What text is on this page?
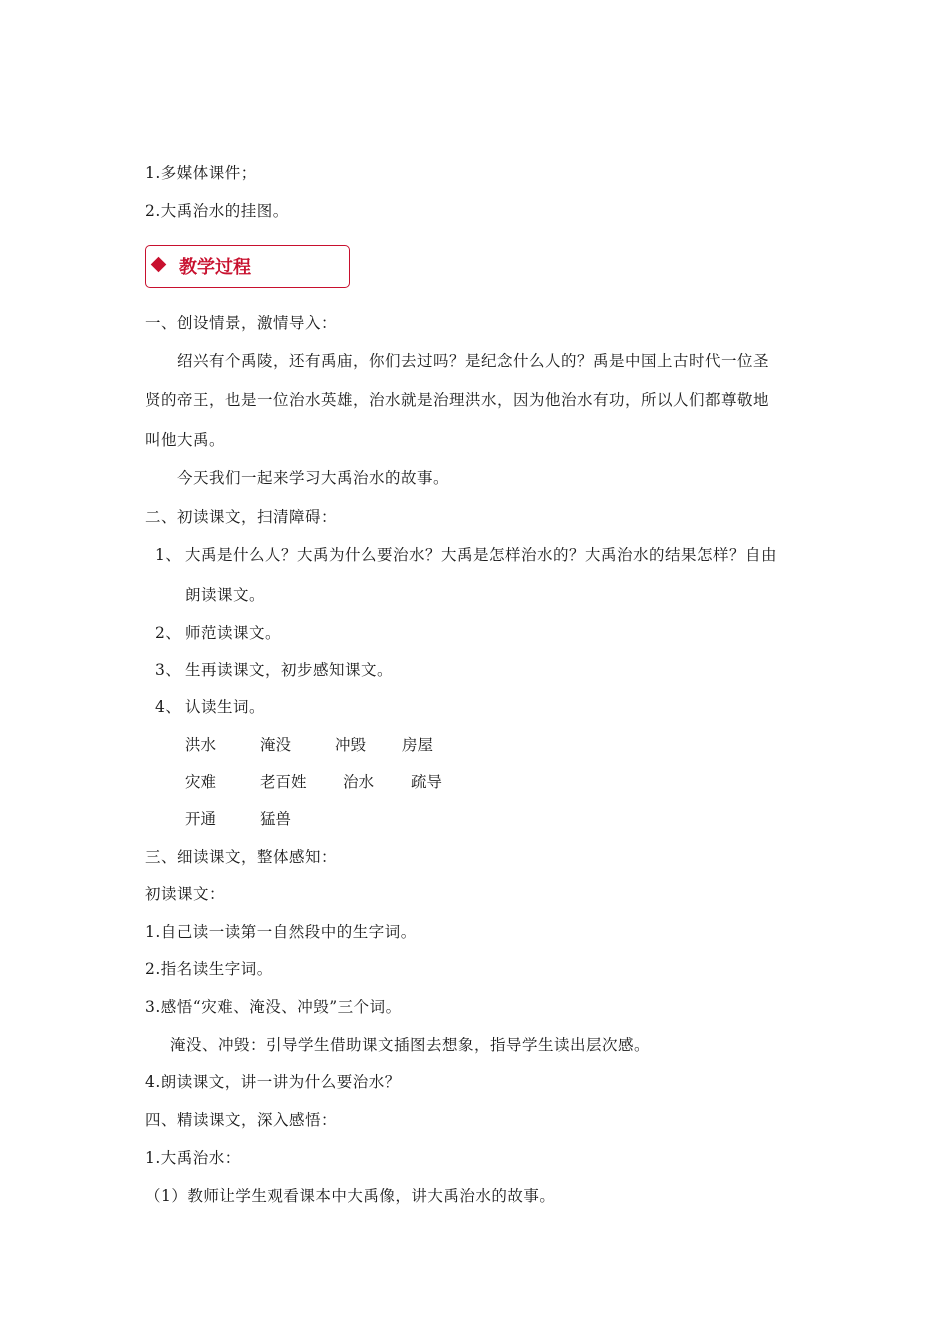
1.多媒体课件；
2.大禹治水的挂图。
教学过程
一、创设情景，激情导入：
绍兴有个禹陵，还有禹庙，你们去过吗？是纪念什么人的？禹是中国上古时代一位圣
贤的帝王，也是一位治水英雄，治水就是治理洪水，因为他治水有功，所以人们都尊敬地
叫他大禹。
今天我们一起来学习大禹治水的故事。
二、初读课文，扫清障碍：
1、 大禹是什么人？大禹为什么要治水？大禹是怎样治水的？大禹治水的结果怎样？自由
朗读课文。
2、 师范读课文。
3、 生再读课文，初步感知课文。
4、 认读生词。
洪水	淹没	冲毁 房屋
灾难	老百姓 治水 疏导
开通	猛兽
三、细读课文，整体感知：
初读课文：
1.自己读一读第一自然段中的生字词。
2.指名读生字词。
3.感悟“灾难、淹没、冲毁”三个词。
淹没、冲毁：引导学生借助课文插图去想象，指导学生读出层次感。
4.朗读课文，讲一讲为什么要治水？
四、精读课文，深入感悟：
1.大禹治水：
（1）教师让学生观看课本中大禹像，讲大禹治水的故事。
